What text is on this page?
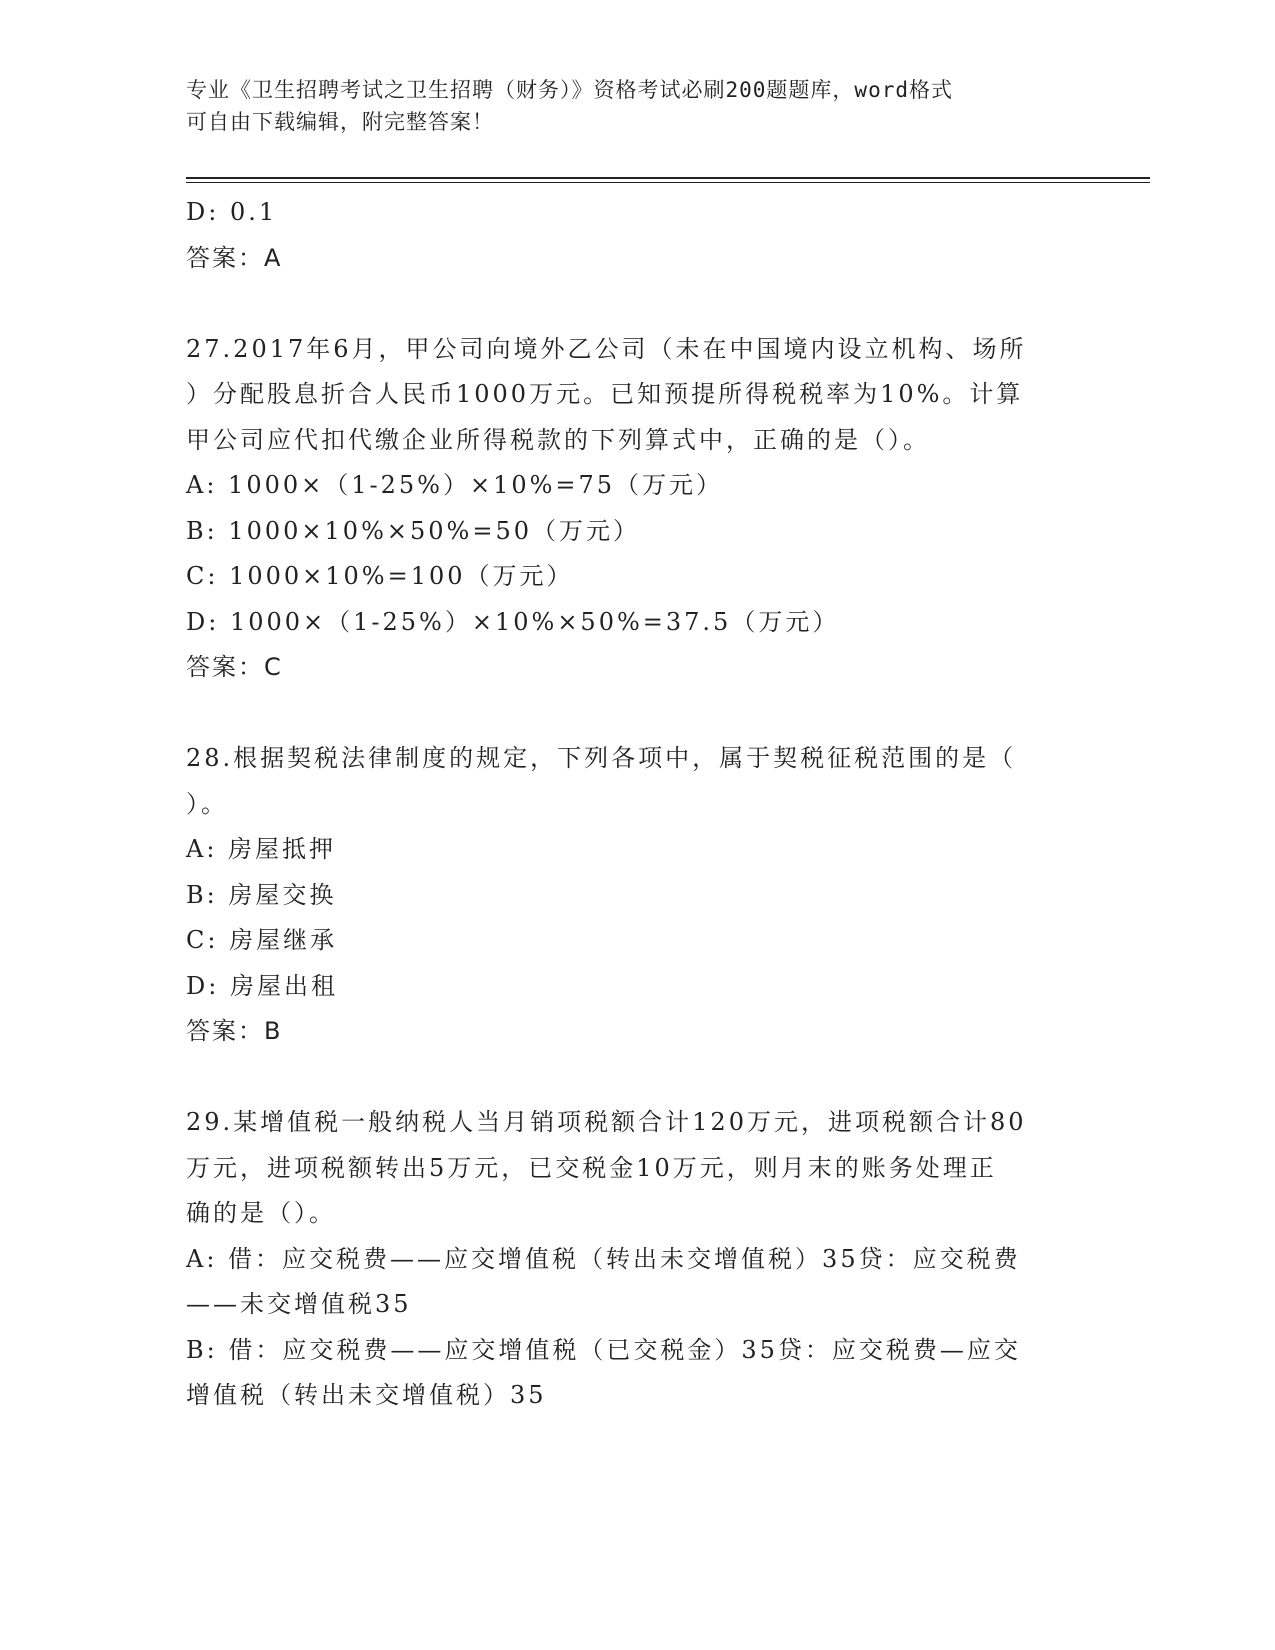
专业《卫生招聘考试之卫生招聘（财务）》资格考试必刷200题题库，word格式
可自由下载编辑，附完整答案！
D: 0.1
答案：A
27.2017年6月，甲公司向境外乙公司（未在中国境内设立机构、场所
）分配股息折合人民币1000万元。已知预提所得税税率为10%。计算
甲公司应代扣代缴企业所得税款的下列算式中，正确的是（）。
A: 1000×（1-25%）×10%=75（万元）
B: 1000×10%×50%=50（万元）
C: 1000×10%=100（万元）
D: 1000×（1-25%）×10%×50%=37.5（万元）
答案：C
28.根据契税法律制度的规定，下列各项中，属于契税征税范围的是（
）。
A: 房屋抵押
B: 房屋交换
C: 房屋继承
D: 房屋出租
答案：B
29.某增值税一般纳税人当月销项税额合计120万元，进项税额合计80
万元，进项税额转出5万元，已交税金10万元，则月末的账务处理正
确的是（）。
A: 借：应交税费——应交增值税（转出未交增值税）35贷：应交税费
——未交增值税35
B: 借：应交税费——应交增值税（已交税金）35贷：应交税费—应交
增值税（转出未交增值税）35
